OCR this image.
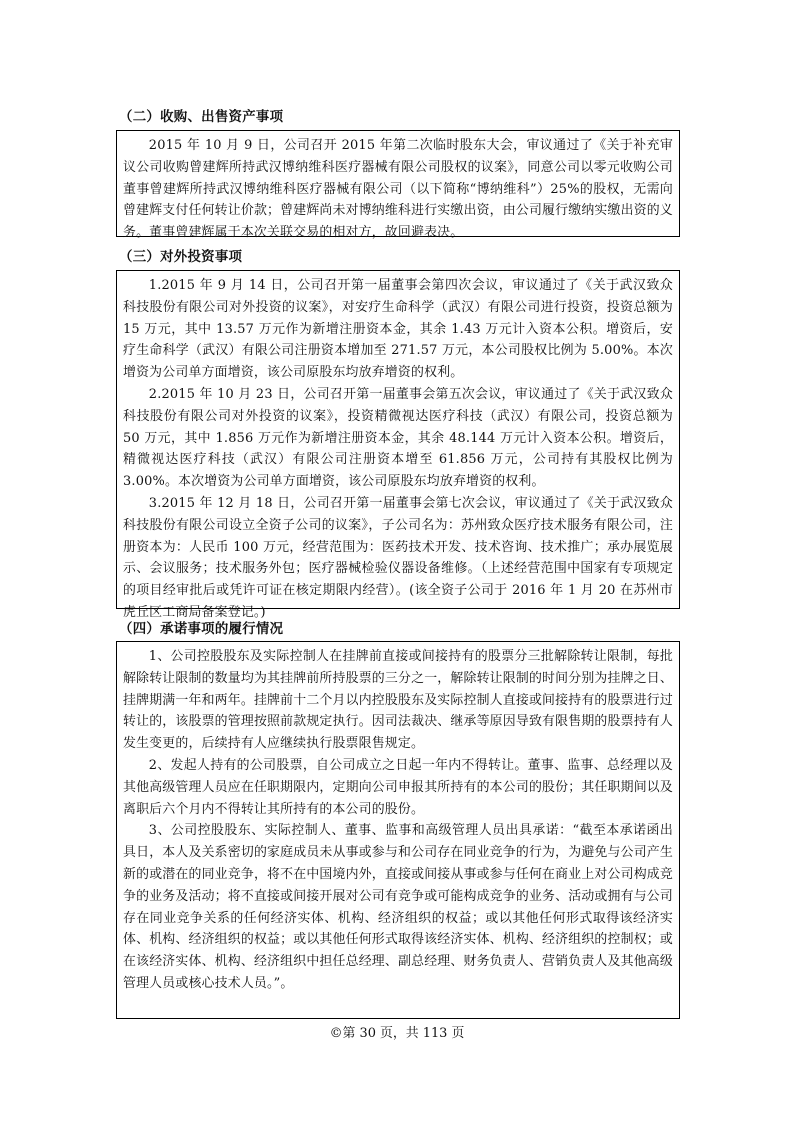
（二）收购、出售资产事项

2015 年 10 月 9 日，公司召开 2015 年第二次临时股东大会，审议通过了《关于补充审议公司收购曾建辉所持武汉博纳维科医疗器械有限公司股权的议案》，同意公司以零元收购公司董事曾建辉所持武汉博纳维科医疗器械有限公司（以下简称“博纳维科”）25%的股权，无需向曾建辉支付任何转让价款；曾建辉尚未对博纳维科进行实缴出资，由公司履行缴纳实缴出资的义务。董事曾建辉属于本次关联交易的相对方，故回避表决。

（三）对外投资事项

1.2015 年 9 月 14 日，公司召开第一届董事会第四次会议，审议通过了《关于武汉致众科技股份有限公司对外投资的议案》，对安疗生命科学（武汉）有限公司进行投资，投资总额为 15 万元，其中 13.57 万元作为新增注册资本金，其余 1.43 万元计入资本公积。增资后，安疗生命科学（武汉）有限公司注册资本增加至 271.57 万元，本公司股权比例为 5.00%。本次增资为公司单方面增资，该公司原股东均放弃增资的权利。

2.2015 年 10 月 23 日，公司召开第一届董事会第五次会议，审议通过了《关于武汉致众科技股份有限公司对外投资的议案》，投资精微视达医疗科技（武汉）有限公司，投资总额为 50 万元，其中 1.856 万元作为新增注册资本金，其余 48.144 万元计入资本公积。增资后，精微视达医疗科技（武汉）有限公司注册资本增至 61.856 万元，公司持有其股权比例为 3.00%。本次增资为公司单方面增资，该公司原股东均放弃增资的权利。

3.2015 年 12 月 18 日，公司召开第一届董事会第七次会议，审议通过了《关于武汉致众科技股份有限公司设立全资子公司的议案》，子公司名为：苏州致众医疗技术服务有限公司，注册资本为：人民币 100 万元，经营范围为：医药技术开发、技术咨询、技术推广；承办展览展示、会议服务；技术服务外包；医疗器械检验仪器设备维修。（上述经营范围中国家有专项规定的项目经审批后或凭许可证在核定期限内经营）。(该全资子公司于 2016 年 1 月 20 在苏州市虎丘区工商局备案登记。)

（四）承诺事项的履行情况

1、公司控股股东及实际控制人在挂牌前直接或间接持有的股票分三批解除转让限制，每批解除转让限制的数量均为其挂牌前所持股票的三分之一，解除转让限制的时间分别为挂牌之日、挂牌期满一年和两年。挂牌前十二个月以内控股股东及实际控制人直接或间接持有的股票进行过转让的，该股票的管理按照前款规定执行。因司法裁决、继承等原因导致有限售期的股票持有人发生变更的，后续持有人应继续执行股票限售规定。

2、发起人持有的公司股票，自公司成立之日起一年内不得转让。董事、监事、总经理以及其他高级管理人员应在任职期限内，定期向公司申报其所持有的本公司的股份；其任职期间以及离职后六个月内不得转让其所持有的本公司的股份。

3、公司控股股东、实际控制人、董事、监事和高级管理人员出具承诺：“截至本承诺函出具日，本人及关系密切的家庭成员未从事或参与和公司存在同业竞争的行为，为避免与公司产生新的或潜在的同业竞争，将不在中国境内外，直接或间接从事或参与任何在商业上对公司构成竞争的业务及活动；将不直接或间接开展对公司有竞争或可能构成竞争的业务、活动或拥有与公司存在同业竞争关系的任何经济实体、机构、经济组织的权益；或以其他任何形式取得该经济实体、机构、经济组织的权益；或以其他任何形式取得该经济实体、机构、经济组织的控制权；或在该经济实体、机构、经济组织中担任总经理、副总经理、财务负责人、营销负责人及其他高级管理人员或核心技术人员。”。

©第 30 页，共 113 页
